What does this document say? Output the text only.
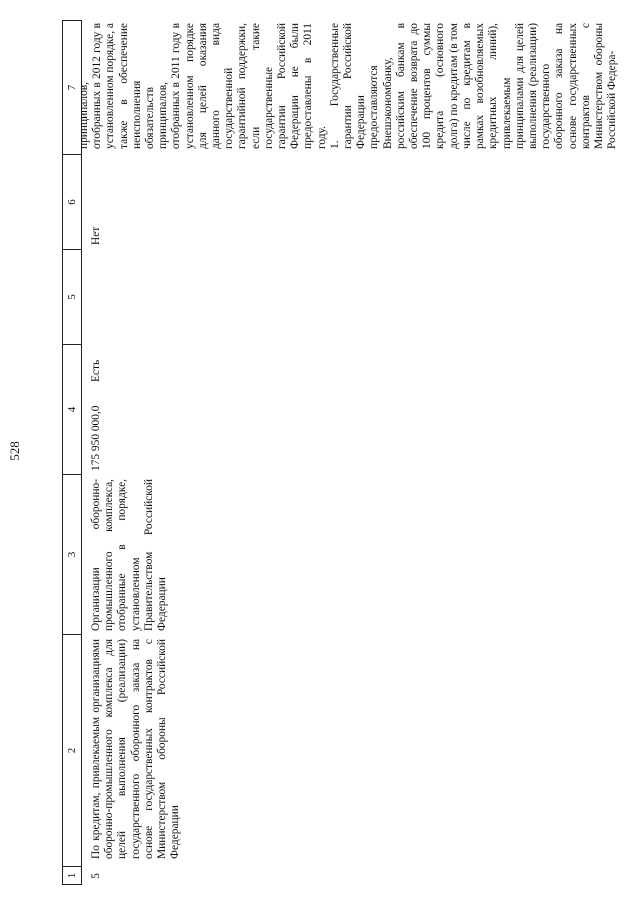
528
1
2
3
4
5
6
7
5
По кредитам, привлекаемым организациями оборонно-промышленного комплекса для целей выполнения (реализации) государственного оборонного заказа на основе государственных контрактов с Министерством обороны Российской Федерации
Организации оборонно-промышленного комплекса, отобранные в порядке, установленном Правительством Российской Федерации
175 950 000,0
Есть
Нет
принципалов, отобранных в 2012 году в установленном порядке, а также в обеспечение неисполнения обязательств принципалов, отобранных в 2011 году в установленном порядке для целей оказания данного вида государственной гарантийной поддержки, если такие государственные гарантии Российской Федерации не были предоставлены в 2011 году. 1. Государственные гарантии Российской Федерации предоставляются Внешэкономбанку, российским банкам в обеспечение возврата до 100 процентов суммы кредита (основного долга) по кредитам (в том числе по кредитам в рамках возобновляемых кредитных линий), привлекаемым принципалами для целей выполнения (реализации) государственного оборонного заказа на основе государственных контрактов с Министерством обороны Российской Федера-
